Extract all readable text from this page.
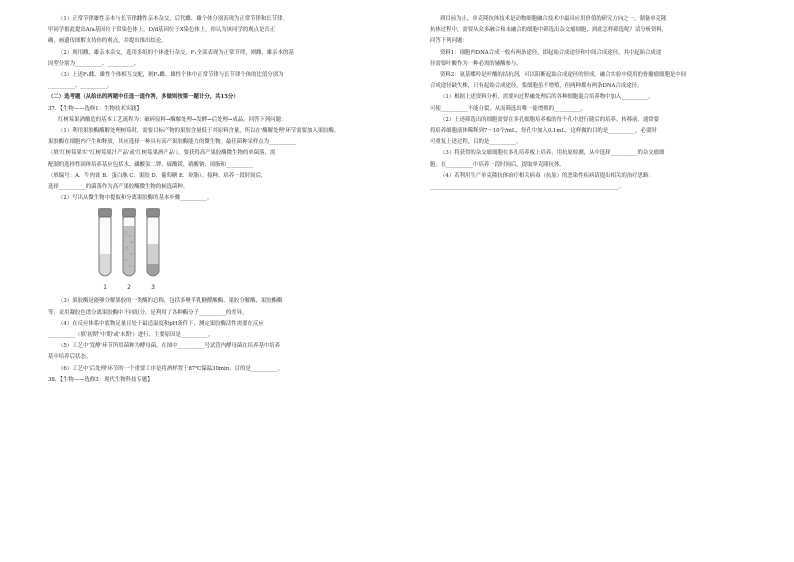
（1）正常节律雄性亲本与长节律雌性亲本杂交，后代雌、雄个体分别表现为正常节律和长节律。
甲同学据此提出A/a基因位于常染色体上，D/d基因位于X染色体上，你认为该同学的观点是否正
确，画遗传图解支持你的观点，并提出推出结论。
（2）现用雌、雄亲本杂交，选用多组的个体进行杂交，F₁全部表现为正常节律，则雌、雄亲本的基
因型分别为__________、__________。
（3）上述F₁雌、雄性个体相互交配，则F₂雌、雄性个体中正常节律与长节律个体的比值分别为
__________、__________。
（二）选考题（从给出的两题中任选一道作答，多做则按第一题计分，共15分）
37．【生物——选修1：生物技术实践】
红树莓果酒酿造的基本工艺流程为：破碎原料→酶解处理→发酵→后处理→成品。回答下列问题：
（1）利用果胶酶酶解处理树莓时，需要目标产物的果胶含量低于其原料含量，所以在'酶解处理'环节需要加入果胶酶。
果胶酶在细胞内产生和释放，其应选择一种具有高产果胶酶能力的微生物。最佳菌种采样点为__________
（填'红树莓果实''红树莓果汁产品'或'红树莓果酒产品'），要获得高产果胶酶微生物的单菌落，需
配制的选择性固体培养基应包括水、磷酸氢二钾、硫酸镁、硝酸钠、琼脂和__________
（填编号：A．牛肉膏 B．蛋白胨 C．果胶 D．葡萄糖 E．琼脂）。接种、培养一段时间后，
选择__________的菌落作为高产果胶酶微生物的候选菌种。
（2）写出从微生物中提取和分离果胶酶的基本步骤__________。
1	2	3
（3）果胶酶是能够分解果胶的一类酶的总称，包括多聚半乳糖醛酸酶、果胶分解酶、果胶酯酶
等，采用凝胶色谱分离果胶酶中不同组分，是利用了各种酶分子__________的差异。
（4）在反应体系中底物足量且处于最适温度和pH条件下，测定果胶酶活性需要在反应
__________（填'初期''中期'或'末期'）进行，主要原因是__________。
（5）工艺中'发酵'环节所用菌种为酵母菌，在图中__________号试管内酵母菌在培养基中培养
基中培养后状态。
（6）工艺中'后处理'环节的一个重要工序是将酒样置于87℃保温30min，目的是__________。
38．【生物——选修3：现代生物科技专题】
到目前为止，单克隆抗体技术是动物细胞融合技术中最具应用价值的研究方向之一。制备单克隆
抗体过程中，需要从众多融合和未融合的细胞中筛选出杂交瘤细胞，到底怎样筛选呢？请分析资料，
回答下列问题：
资料1：细胞内DNA合成一般有两条途径，即起始合成途径和中间合成途径，其中起始合成途
径需要叶酸作为一种必需的辅酶参与。
资料2：氨基蝶呤是叶酸的拮抗剂，可以阻断起始合成途径的形成。融合实验中使用的骨髓瘤细胞是中间
合成途径缺失株，只有起始合成途径，浆细胞虽不增殖，但两种都有两条DNA合成途径。
（1）根据上述资料分析，需要向过程融处理后的各种细胞混合培养物中加入__________，
可使__________不能分裂，从而筛选出唯一能增殖的__________。
（2）上述筛选出的细胞需要在多孔细胞培养板的每个孔中进行随后的培养。转移前，通常要
将培养细胞液体稀释到7～10个/mL，每孔中加入0.1mL，这样做的目的是__________，必要时
可重复上述过程，目的是__________。
（3）将获得的杂交瘤细胞在多孔培养板上培养，用抗原检测，从中选择__________的杂交瘤细
胞，在__________中培养一段时间后，提取单克隆抗体。
（4）若利用生产单克隆抗体治疗相关病毒（抗原）的恶染性疾病请提出相关的治疗思路：
______________________________________________________________________。
